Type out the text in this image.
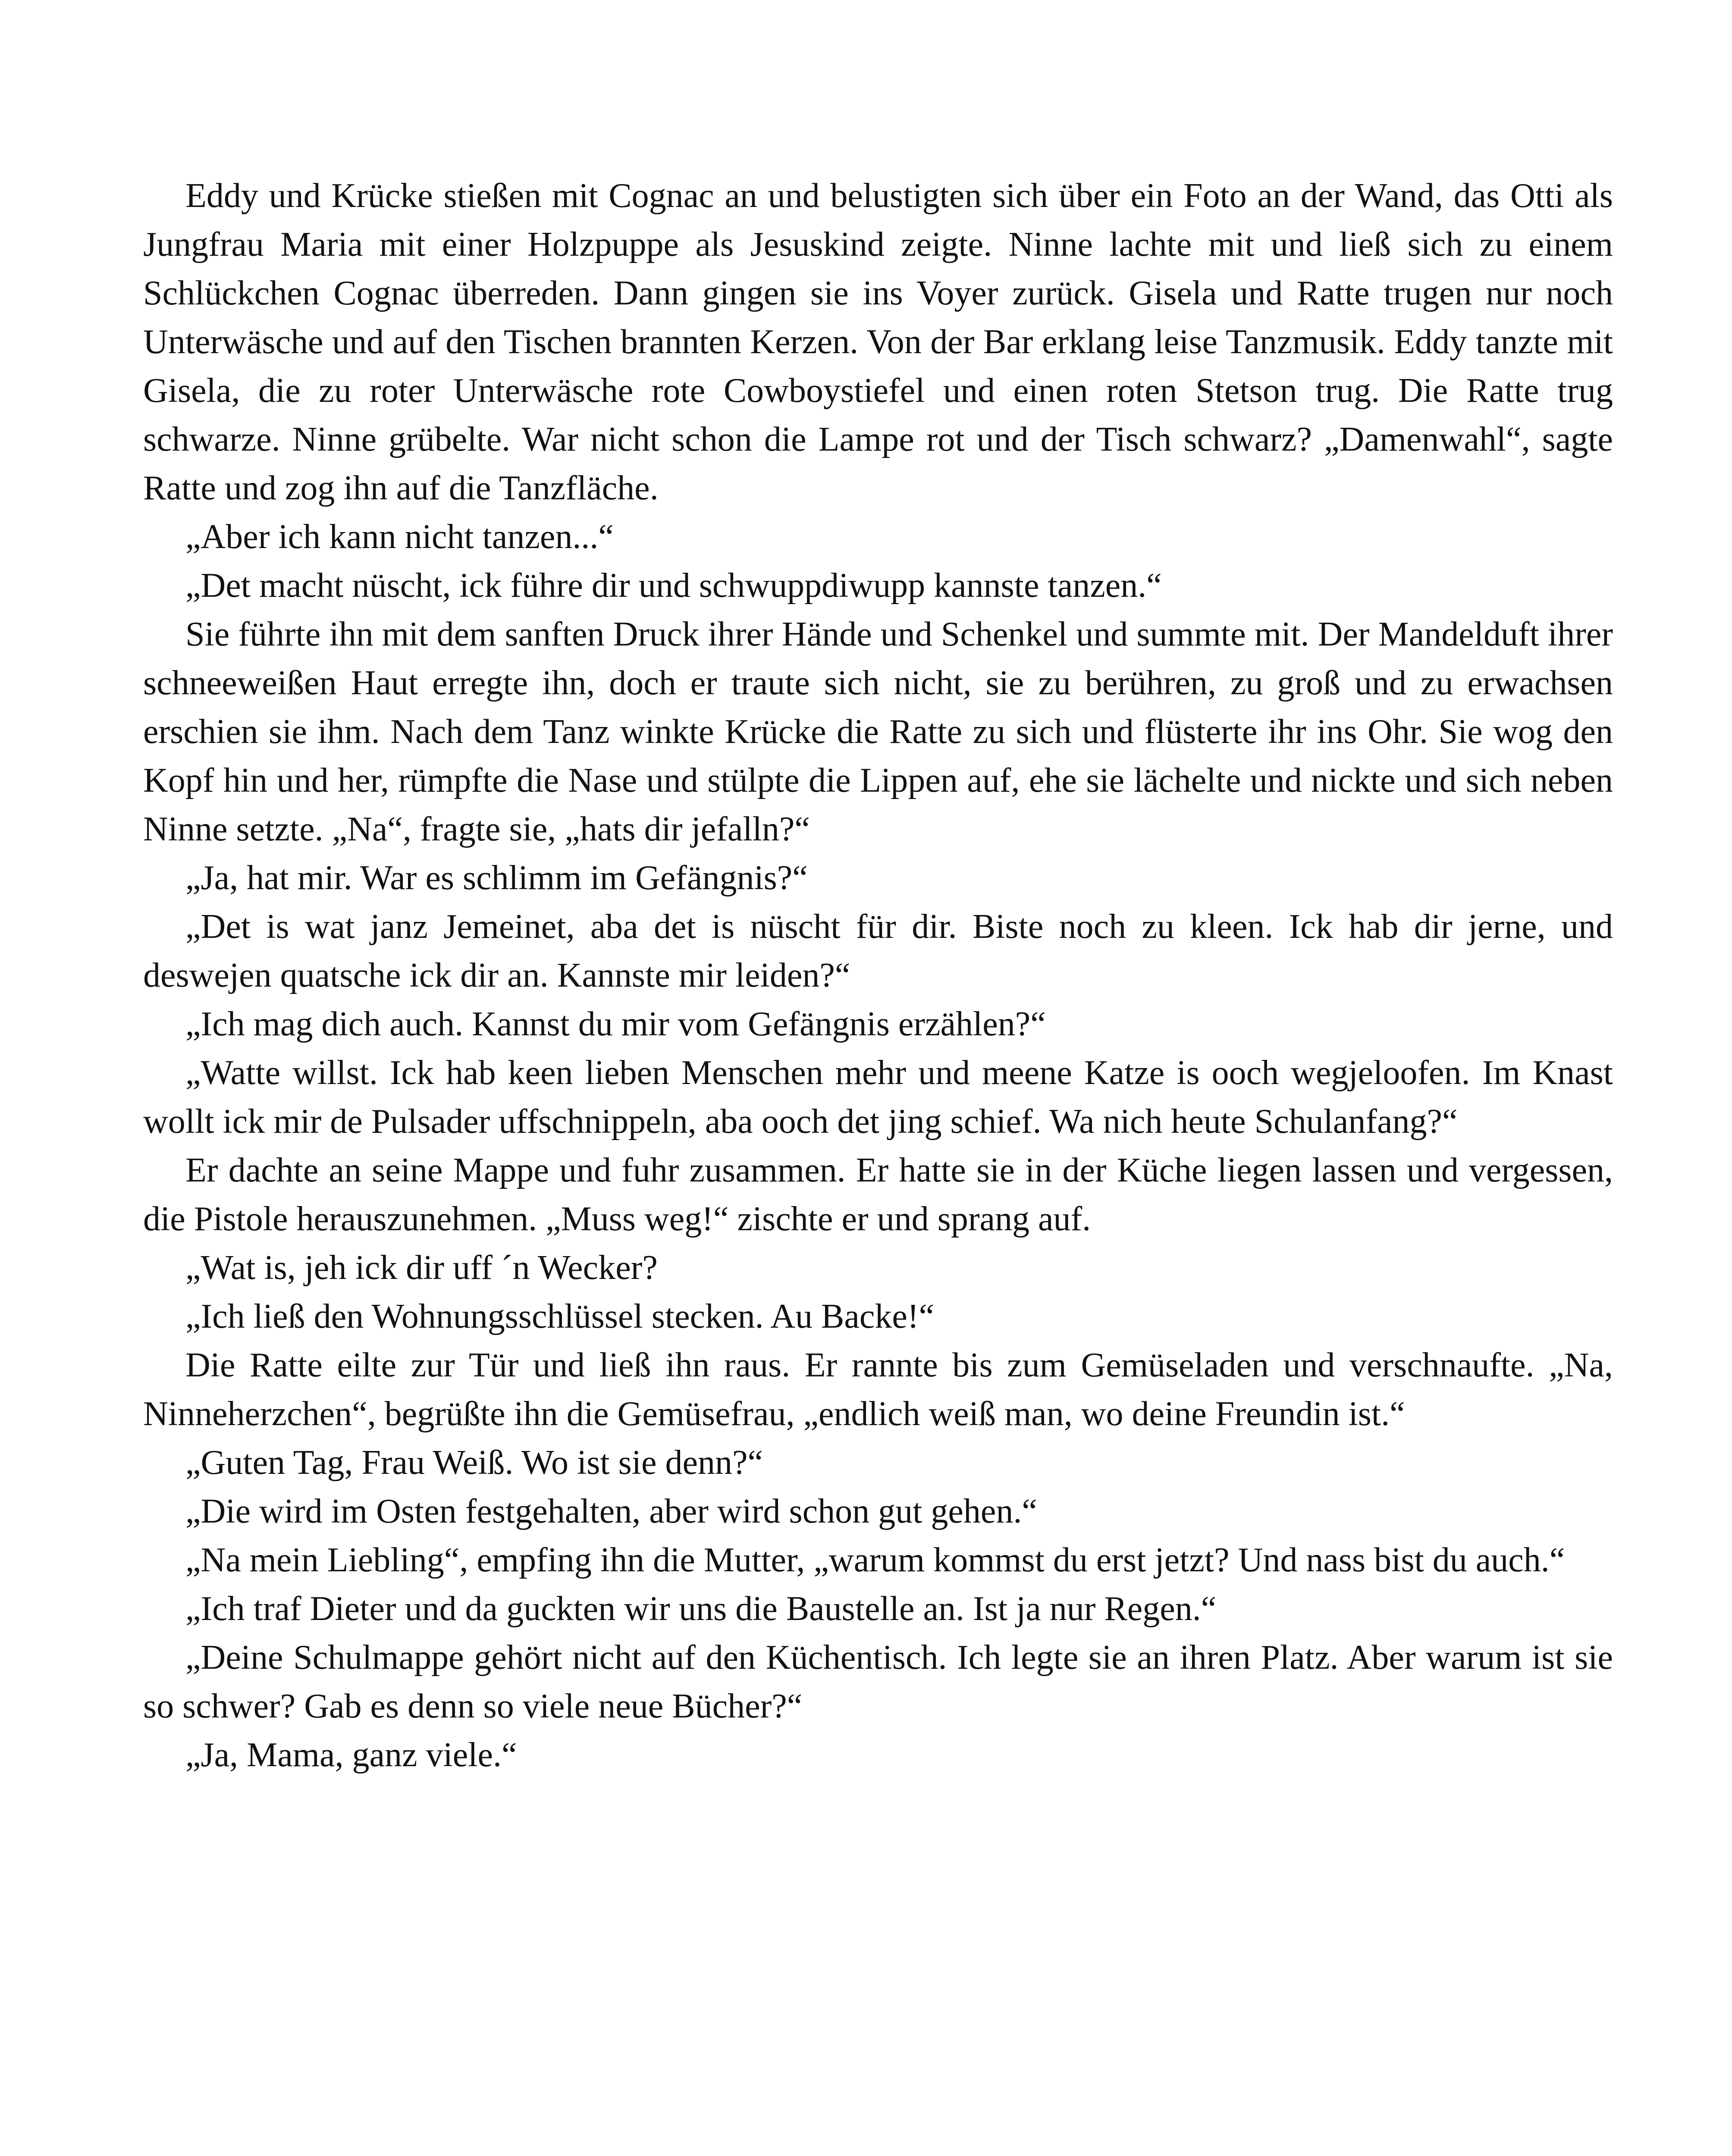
Eddy und Krücke stießen mit Cognac an und belustigten sich über ein Foto an der Wand, das Otti als Jungfrau Maria mit einer Holzpuppe als Jesuskind zeigte. Ninne lachte mit und ließ sich zu einem Schlückchen Cognac überreden. Dann gingen sie ins Voyer zurück. Gisela und Ratte trugen nur noch Unterwäsche und auf den Tischen brannten Kerzen. Von der Bar erklang leise Tanzmusik. Eddy tanzte mit Gisela, die zu roter Unterwäsche rote Cowboystiefel und einen roten Stetson trug. Die Ratte trug schwarze. Ninne grübelte. War nicht schon die Lampe rot und der Tisch schwarz? „Damenwahl“, sagte Ratte und zog ihn auf die Tanzfläche.

„Aber ich kann nicht tanzen...“

„Det macht nüscht, ick führe dir und schwuppdiwupp kannste tanzen.“

Sie führte ihn mit dem sanften Druck ihrer Hände und Schenkel und summte mit. Der Mandelduft ihrer schneeweißen Haut erregte ihn, doch er traute sich nicht, sie zu berühren, zu groß und zu erwachsen erschien sie ihm. Nach dem Tanz winkte Krücke die Ratte zu sich und flüsterte ihr ins Ohr. Sie wog den Kopf hin und her, rümpfte die Nase und stülpte die Lippen auf, ehe sie lächelte und nickte und sich neben Ninne setzte. „Na“, fragte sie, „hats dir jefalln?“

„Ja, hat mir. War es schlimm im Gefängnis?“

„Det is wat janz Jemeinet, aba det is nüscht für dir. Biste noch zu kleen. Ick hab dir jerne, und deswejen quatsche ick dir an. Kannste mir leiden?“

„Ich mag dich auch. Kannst du mir vom Gefängnis erzählen?“

„Watte willst. Ick hab keen lieben Menschen mehr und meene Katze is ooch wegjeloofen. Im Knast wollt ick mir de Pulsader uffschnippeln, aba ooch det jing schief. Wa nich heute Schulanfang?“

Er dachte an seine Mappe und fuhr zusammen. Er hatte sie in der Küche liegen lassen und vergessen, die Pistole herauszunehmen. „Muss weg!“ zischte er und sprang auf.

„Wat is, jeh ick dir uff ´n Wecker?

„Ich ließ den Wohnungsschlüssel stecken. Au Backe!“

Die Ratte eilte zur Tür und ließ ihn raus. Er rannte bis zum Gemüseladen und verschnaufte. „Na, Ninneherzchen“, begrüßte ihn die Gemüsefrau, „endlich weiß man, wo deine Freundin ist.“

„Guten Tag, Frau Weiß. Wo ist sie denn?“

„Die wird im Osten festgehalten, aber wird schon gut gehen.“

„Na mein Liebling“, empfing ihn die Mutter, „warum kommst du erst jetzt? Und nass bist du auch.“

„Ich traf Dieter und da guckten wir uns die Baustelle an. Ist ja nur Regen.“

„Deine Schulmappe gehört nicht auf den Küchentisch. Ich legte sie an ihren Platz. Aber warum ist sie so schwer? Gab es denn so viele neue Bücher?“

„Ja, Mama, ganz viele.“
